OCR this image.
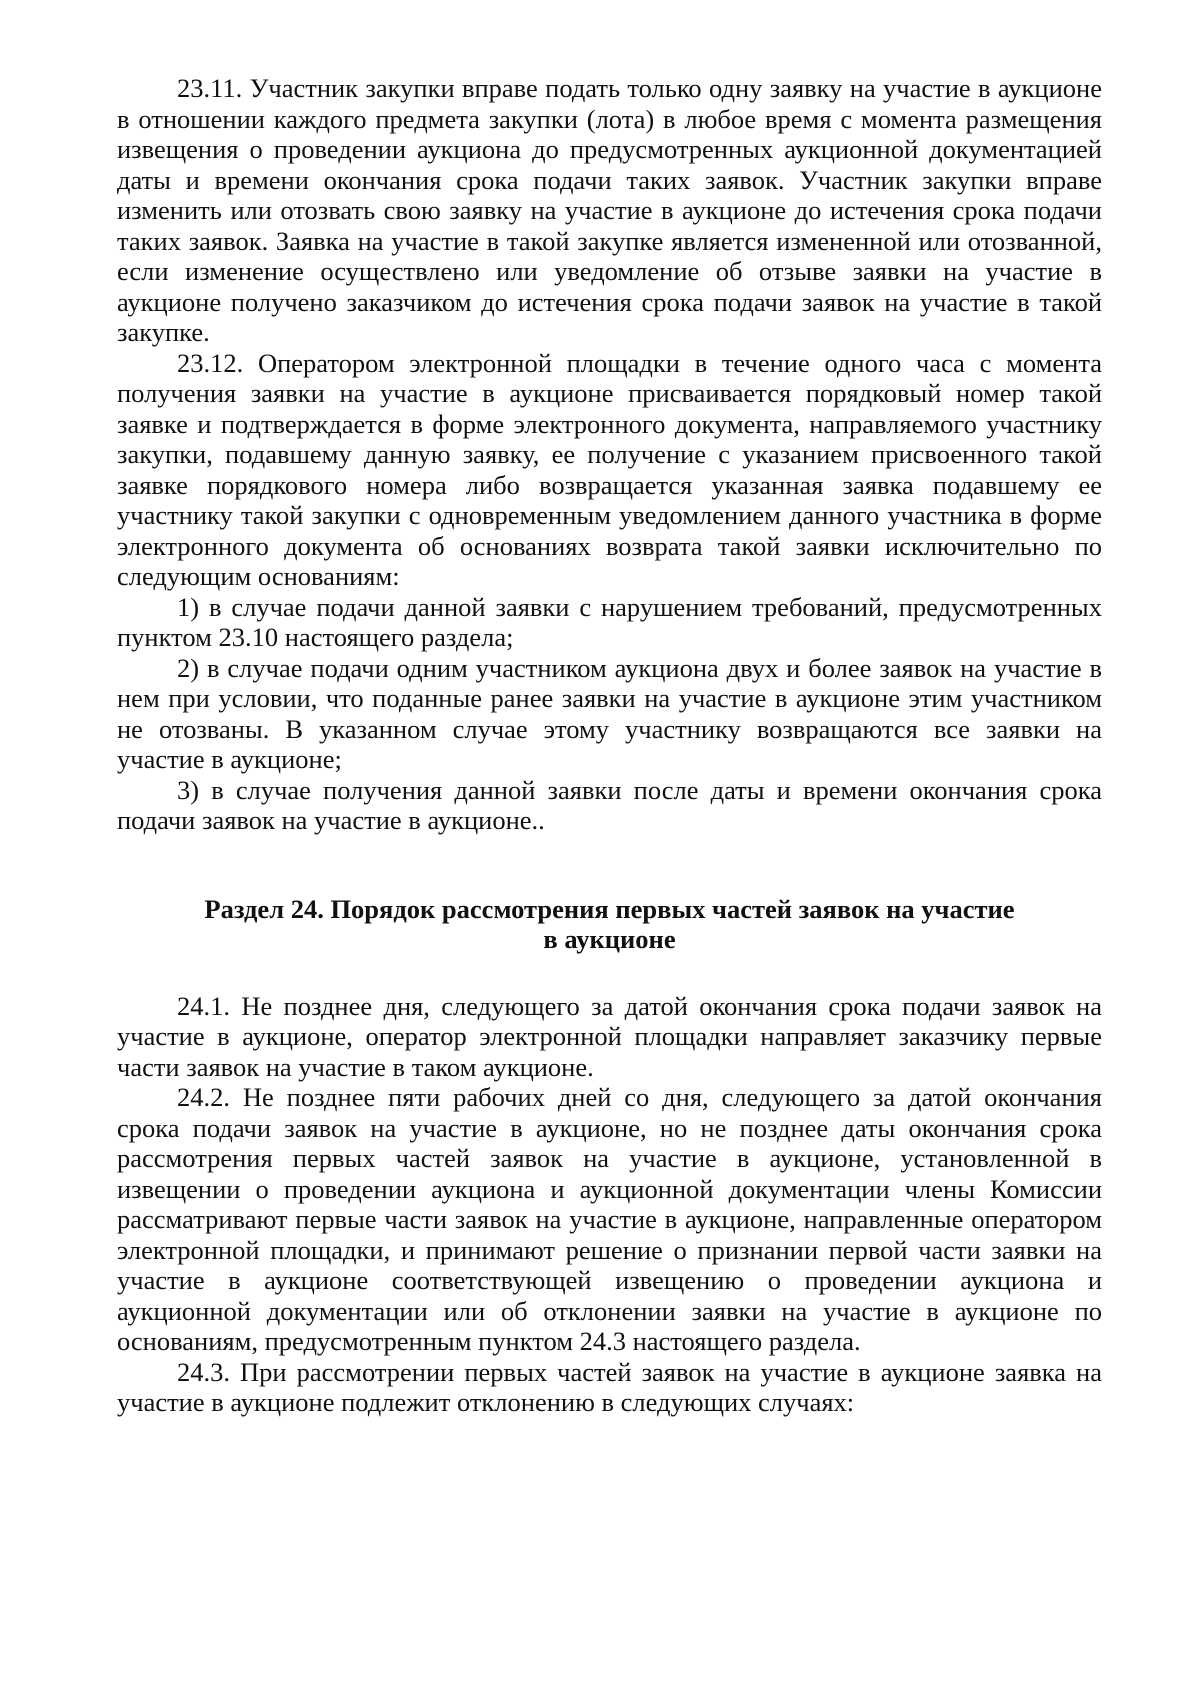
23.11. Участник закупки вправе подать только одну заявку на участие в аукционе в отношении каждого предмета закупки (лота) в любое время с момента размещения извещения о проведении аукциона до предусмотренных аукционной документацией даты и времени окончания срока подачи таких заявок. Участник закупки вправе изменить или отозвать свою заявку на участие в аукционе до истечения срока подачи таких заявок. Заявка на участие в такой закупке является измененной или отозванной, если изменение осуществлено или уведомление об отзыве заявки на участие в аукционе получено заказчиком до истечения срока подачи заявок на участие в такой закупке.

23.12. Оператором электронной площадки в течение одного часа с момента получения заявки на участие в аукционе присваивается порядковый номер такой заявке и подтверждается в форме электронного документа, направляемого участнику закупки, подавшему данную заявку, ее получение с указанием присвоенного такой заявке порядкового номера либо возвращается указанная заявка подавшему ее участнику такой закупки с одновременным уведомлением данного участника в форме электронного документа об основаниях возврата такой заявки исключительно по следующим основаниям:

1) в случае подачи данной заявки с нарушением требований, предусмотренных пунктом 23.10 настоящего раздела;

2) в случае подачи одним участником аукциона двух и более заявок на участие в нем при условии, что поданные ранее заявки на участие в аукционе этим участником не отозваны. В указанном случае этому участнику возвращаются все заявки на участие в аукционе;

3) в случае получения данной заявки после даты и времени окончания срока подачи заявок на участие в аукционе..

Раздел 24. Порядок рассмотрения первых частей заявок на участие
в аукционе

24.1. Не позднее дня, следующего за датой окончания срока подачи заявок на участие в аукционе, оператор электронной площадки направляет заказчику первые части заявок на участие в таком аукционе.

24.2. Не позднее пяти рабочих дней со дня, следующего за датой окончания срока подачи заявок на участие в аукционе, но не позднее даты окончания срока рассмотрения первых частей заявок на участие в аукционе, установленной в извещении о проведении аукциона и аукционной документации члены Комиссии рассматривают первые части заявок на участие в аукционе, направленные оператором электронной площадки, и принимают решение о признании первой части заявки на участие в аукционе соответствующей извещению о проведении аукциона и аукционной документации или об отклонении заявки на участие в аукционе по основаниям, предусмотренным пунктом 24.3 настоящего раздела.

24.3. При рассмотрении первых частей заявок на участие в аукционе заявка на участие в аукционе подлежит отклонению в следующих случаях:
